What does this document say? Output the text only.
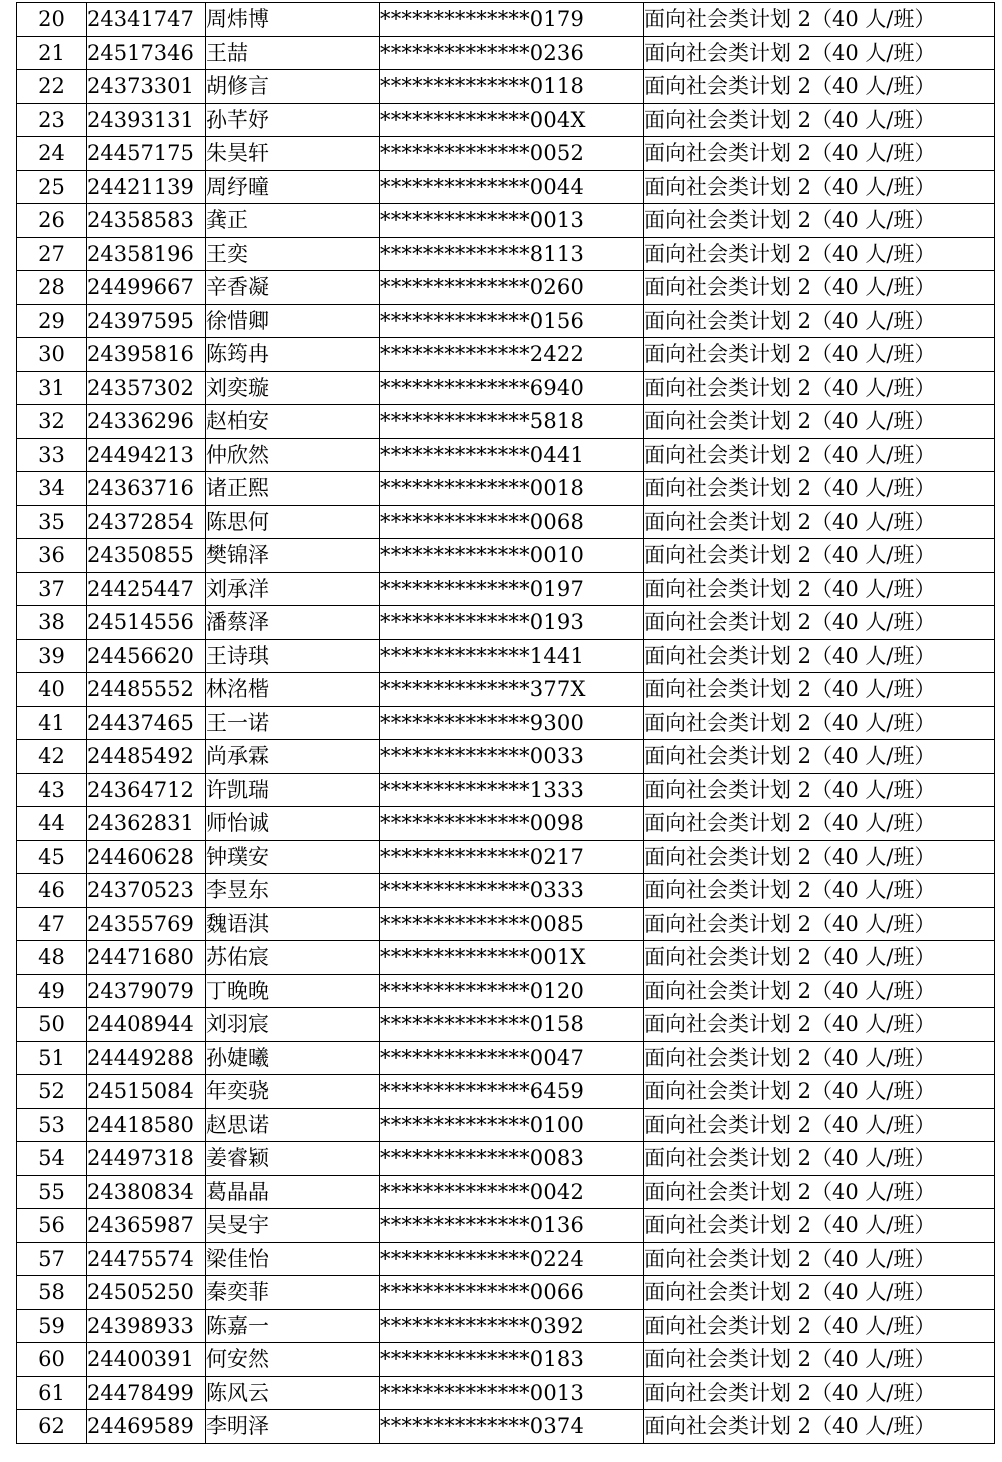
20	24341747	周炜博	**************0179	面向社会类计划 2（40 人/班）
21	24517346	王喆	**************0236	面向社会类计划 2（40 人/班）
22	24373301	胡修言	**************0118	面向社会类计划 2（40 人/班）
23	24393131	孙芊妤	**************004X	面向社会类计划 2（40 人/班）
24	24457175	朱昊轩	**************0052	面向社会类计划 2（40 人/班）
25	24421139	周纾曈	**************0044	面向社会类计划 2（40 人/班）
26	24358583	龚正	**************0013	面向社会类计划 2（40 人/班）
27	24358196	王奕	**************8113	面向社会类计划 2（40 人/班）
28	24499667	辛香凝	**************0260	面向社会类计划 2（40 人/班）
29	24397595	徐惜卿	**************0156	面向社会类计划 2（40 人/班）
30	24395816	陈筠冉	**************2422	面向社会类计划 2（40 人/班）
31	24357302	刘奕璇	**************6940	面向社会类计划 2（40 人/班）
32	24336296	赵柏安	**************5818	面向社会类计划 2（40 人/班）
33	24494213	仲欣然	**************0441	面向社会类计划 2（40 人/班）
34	24363716	诸正熙	**************0018	面向社会类计划 2（40 人/班）
35	24372854	陈思何	**************0068	面向社会类计划 2（40 人/班）
36	24350855	樊锦泽	**************0010	面向社会类计划 2（40 人/班）
37	24425447	刘承洋	**************0197	面向社会类计划 2（40 人/班）
38	24514556	潘蔡泽	**************0193	面向社会类计划 2（40 人/班）
39	24456620	王诗琪	**************1441	面向社会类计划 2（40 人/班）
40	24485552	林洺楷	**************377X	面向社会类计划 2（40 人/班）
41	24437465	王一诺	**************9300	面向社会类计划 2（40 人/班）
42	24485492	尚承霖	**************0033	面向社会类计划 2（40 人/班）
43	24364712	许凯瑞	**************1333	面向社会类计划 2（40 人/班）
44	24362831	师怡诚	**************0098	面向社会类计划 2（40 人/班）
45	24460628	钟璞安	**************0217	面向社会类计划 2（40 人/班）
46	24370523	李昱东	**************0333	面向社会类计划 2（40 人/班）
47	24355769	魏语淇	**************0085	面向社会类计划 2（40 人/班）
48	24471680	苏佑宸	**************001X	面向社会类计划 2（40 人/班）
49	24379079	丁晚晚	**************0120	面向社会类计划 2（40 人/班）
50	24408944	刘羽宸	**************0158	面向社会类计划 2（40 人/班）
51	24449288	孙婕曦	**************0047	面向社会类计划 2（40 人/班）
52	24515084	年奕骁	**************6459	面向社会类计划 2（40 人/班）
53	24418580	赵思诺	**************0100	面向社会类计划 2（40 人/班）
54	24497318	姜睿颖	**************0083	面向社会类计划 2（40 人/班）
55	24380834	葛晶晶	**************0042	面向社会类计划 2（40 人/班）
56	24365987	吴旻宇	**************0136	面向社会类计划 2（40 人/班）
57	24475574	梁佳怡	**************0224	面向社会类计划 2（40 人/班）
58	24505250	秦奕菲	**************0066	面向社会类计划 2（40 人/班）
59	24398933	陈嘉一	**************0392	面向社会类计划 2（40 人/班）
60	24400391	何安然	**************0183	面向社会类计划 2（40 人/班）
61	24478499	陈风云	**************0013	面向社会类计划 2（40 人/班）
62	24469589	李明泽	**************0374	面向社会类计划 2（40 人/班）
